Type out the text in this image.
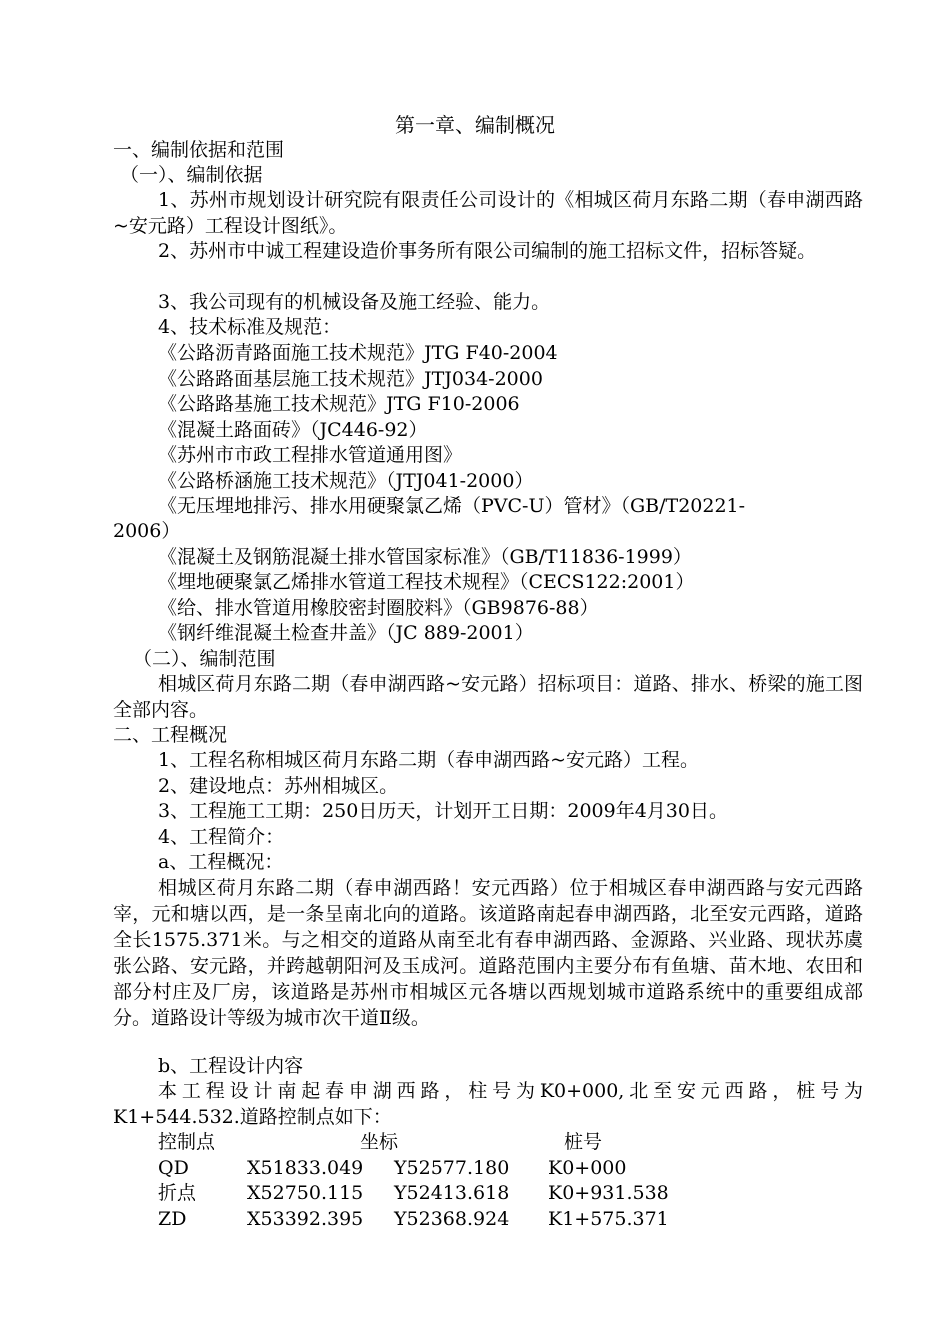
第一章、编制概况
一、编制依据和范围
（一）、编制依据
1、苏州市规划设计研究院有限责任公司设计的《相城区荷月东路二期（春申湖西路~安元路）工程设计图纸》。
2、苏州市中诚工程建设造价事务所有限公司编制的施工招标文件，招标答疑。
3、我公司现有的机械设备及施工经验、能力。
4、技术标准及规范：
《公路沥青路面施工技术规范》JTG F40-2004
《公路路面基层施工技术规范》JTJ034-2000
《公路路基施工技术规范》JTG F10-2006
《混凝土路面砖》（JC446-92）
《苏州市市政工程排水管道通用图》
《公路桥涵施工技术规范》（JTJ041-2000）
《无压埋地排污、排水用硬聚氯乙烯（PVC-U）管材》（GB/T20221-
2006）
《混凝土及钢筋混凝土排水管国家标准》（GB/T11836-1999）
《埋地硬聚氯乙烯排水管道工程技术规程》（CECS122:2001）
《给、排水管道用橡胶密封圈胶料》（GB9876-88）
《钢纤维混凝土检查井盖》（JC 889-2001）
（二）、编制范围
相城区荷月东路二期（春申湖西路~安元路）招标项目：道路、排水、桥梁的施工图全部内容。
二、工程概况
1、工程名称相城区荷月东路二期（春申湖西路~安元路）工程。
2、建设地点：苏州相城区。
3、工程施工工期：250日历天，计划开工日期：2009年4月30日。
4、工程简介：
a、工程概况：
相城区荷月东路二期（春申湖西路！安元西路）位于相城区春申湖西路与安元西路宰，元和塘以西，是一条呈南北向的道路。该道路南起春申湖西路，北至安元西路，道路全长1575.371米。与之相交的道路从南至北有春申湖西路、金源路、兴业路、现状苏虞张公路、安元路，并跨越朝阳河及玉成河。道路范围内主要分布有鱼塘、苗木地、农田和部分村庄及厂房，该道路是苏州市相城区元各塘以西规划城市道路系统中的重要组成部分。道路设计等级为城市次干道Ⅱ级。
b、工程设计内容
本工程设计南起春申湖西路，柱号为K0+000,北至安元西路，桩号为K1+544.532.道路控制点如下：
控制点	坐标	桩号
QD	X51833.049 Y52577.180 K0+000
折点	X52750.115 Y52413.618 K0+931.538
ZD	X53392.395 Y52368.924 K1+575.371
